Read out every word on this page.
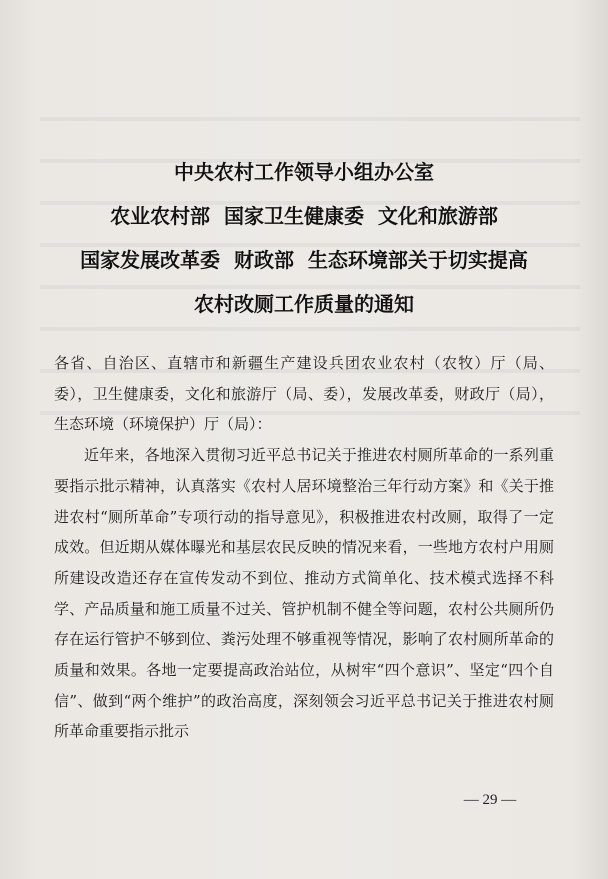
中央农村工作领导小组办公室
农业农村部  国家卫生健康委  文化和旅游部
国家发展改革委  财政部  生态环境部关于切实提高
农村改厕工作质量的通知

各省、自治区、直辖市和新疆生产建设兵团农业农村（农牧）厅（局、委），卫生健康委，文化和旅游厅（局、委），发展改革委，财政厅（局），生态环境（环境保护）厅（局）：

近年来，各地深入贯彻习近平总书记关于推进农村厕所革命的一系列重要指示批示精神，认真落实《农村人居环境整治三年行动方案》和《关于推进农村“厕所革命”专项行动的指导意见》，积极推进农村改厕，取得了一定成效。但近期从媒体曝光和基层农民反映的情况来看，一些地方农村户用厕所建设改造还存在宣传发动不到位、推动方式简单化、技术模式选择不科学、产品质量和施工质量不过关、管护机制不健全等问题，农村公共厕所仍存在运行管护不够到位、粪污处理不够重视等情况，影响了农村厕所革命的质量和效果。各地一定要提高政治站位，从树牢“四个意识”、坚定“四个自信”、做到“两个维护”的政治高度，深刻领会习近平总书记关于推进农村厕所革命重要指示批示

— 29 —
